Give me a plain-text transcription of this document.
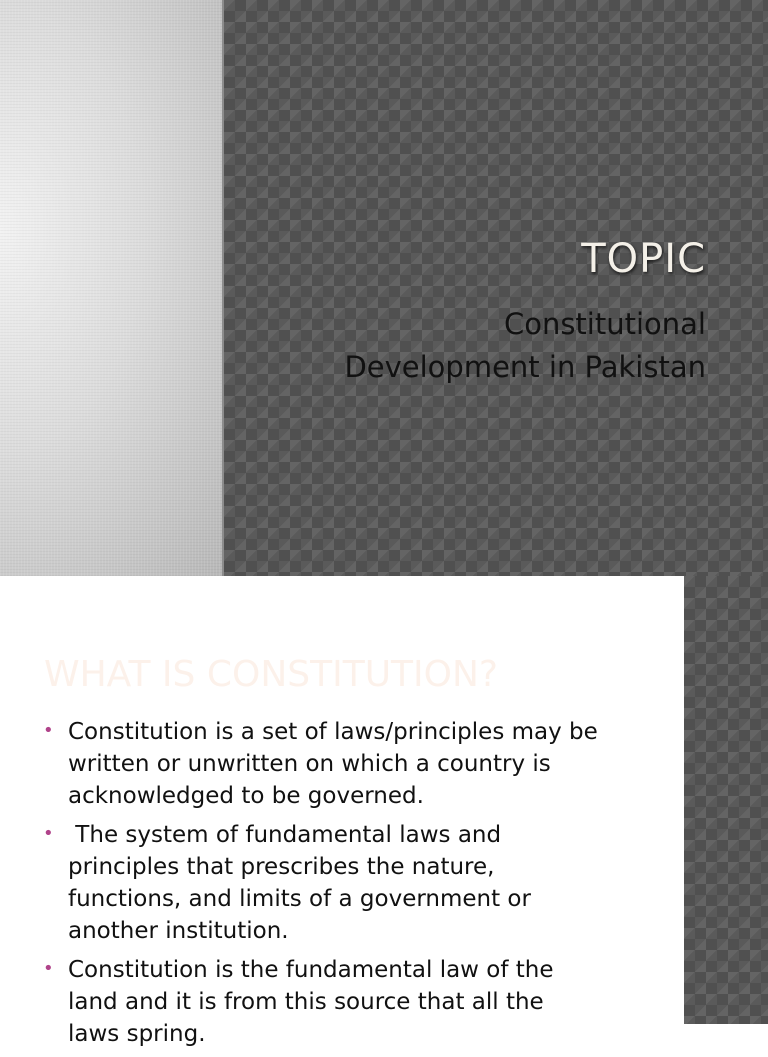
TOPIC
Constitutional
Development in Pakistan
WHAT IS CONSTITUTION?
• Constitution is a set of laws/principles may be
written or unwritten on which a country is
acknowledged to be governed.
• The system of fundamental laws and
principles that prescribes the nature,
functions, and limits of a government or
another institution.
• Constitution is the fundamental law of the
land and it is from this source that all the
laws spring.
